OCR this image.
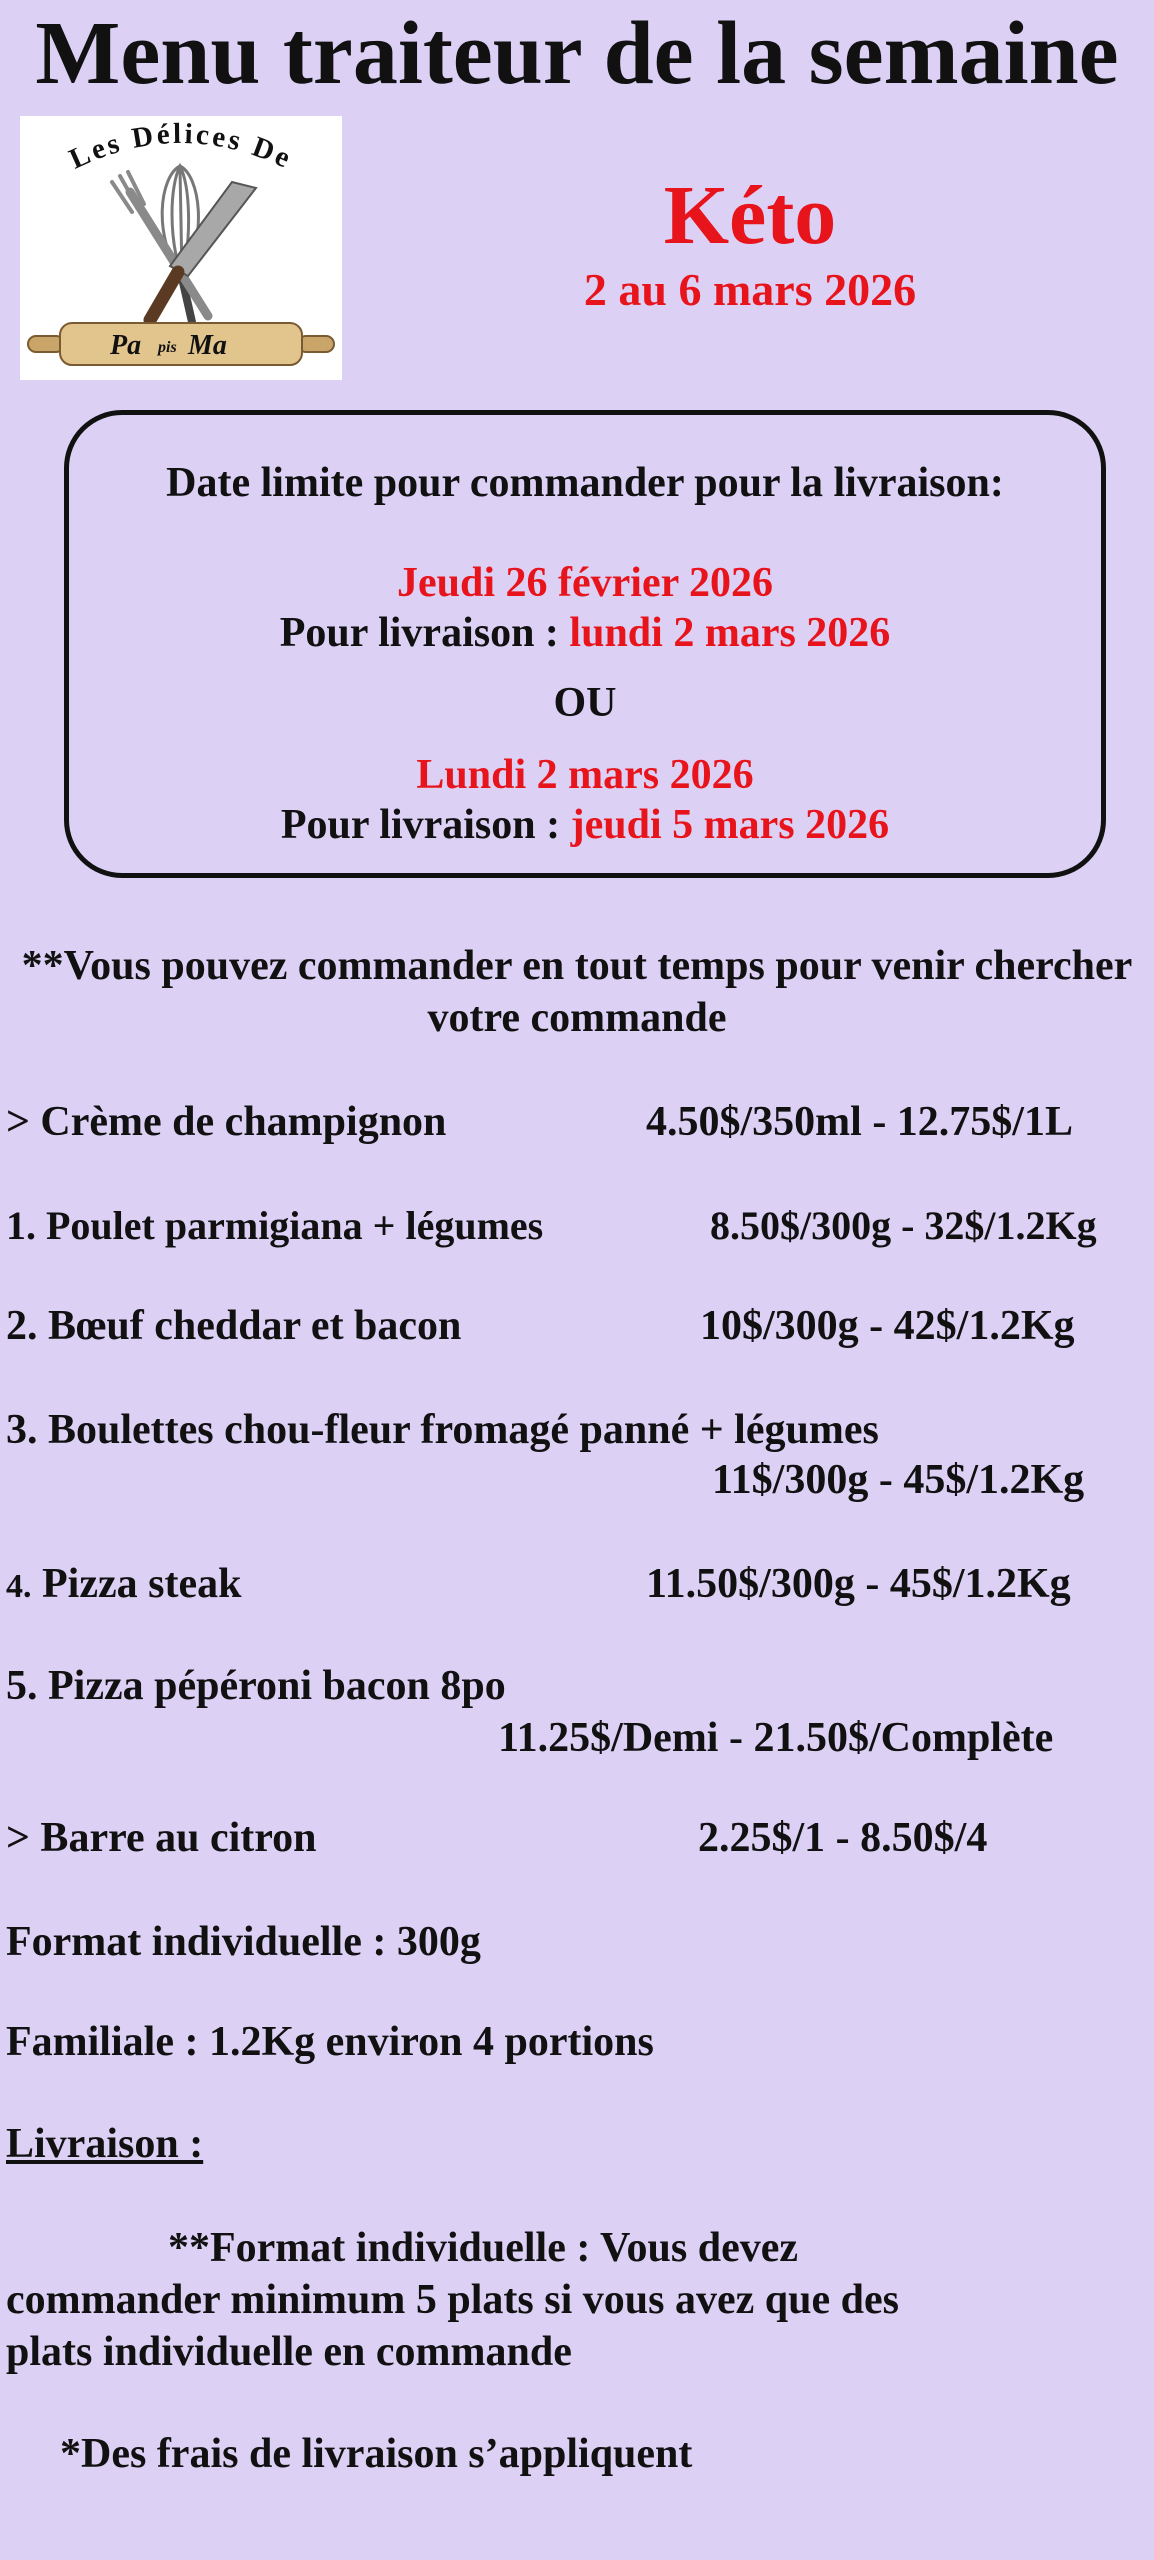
Menu traiteur de la semaine
Les Délices De
Pa pis Ma
Kéto
2 au 6 mars 2026
Date limite pour commander pour la livraison:
Jeudi 26 février 2026
Pour livraison : lundi 2 mars 2026
OU
Lundi 2 mars 2026
Pour livraison : jeudi 5 mars 2026
**Vous pouvez commander en tout temps pour venir chercher votre commande
> Crème de champignon	4.50$/350ml - 12.75$/1L
1. Poulet parmigiana + légumes	8.50$/300g - 32$/1.2Kg
2. Bœuf cheddar et bacon	10$/300g - 42$/1.2Kg
3. Boulettes chou-fleur fromagé panné + légumes
11$/300g - 45$/1.2Kg
4. Pizza steak	11.50$/300g - 45$/1.2Kg
5. Pizza pépéroni bacon 8po
11.25$/Demi - 21.50$/Complète
> Barre au citron	2.25$/1 - 8.50$/4
Format individuelle : 300g
Familiale : 1.2Kg environ 4 portions
Livraison :
**Format individuelle : Vous devez
commander minimum 5 plats si vous avez que des
plats individuelle en commande
*Des frais de livraison s’appliquent
